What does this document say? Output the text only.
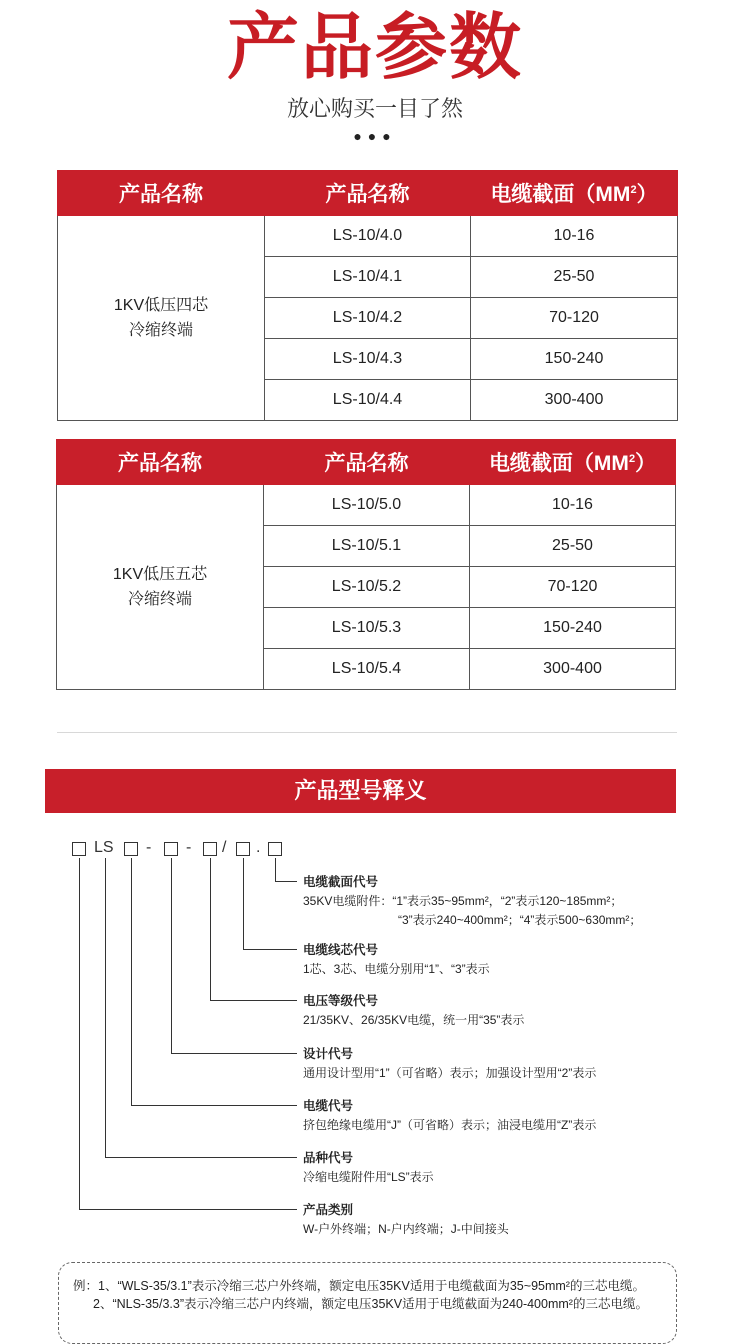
产品参数
放心购买一目了然
●●●
产品名称	产品名称	电缆截面$(MM^2)$
1KV低压四芯
冷缩终端	LS-10/4.0	10-16
	LS-10/4.1	25-50
	LS-10/4.2	70-120
	LS-10/4.3	150-240
	LS-10/4.4	300-400
产品名称	产品名称	电缆截面$(MM^2)$
1KV低压五芯
冷缩终端	LS-10/5.0	10-16
	LS-10/5.1	25-50
	LS-10/5.2	70-120
	LS-10/5.3	150-240
	LS-10/5.4	300-400
产品型号释义
LS - - / .
电缆截面代号
35KV电缆附件：“1”表示35~95mm²，“2”表示120~185mm²；
“3”表示240~400mm²；“4”表示500~630mm²；
电缆线芯代号
1芯、3芯、电缆分别用“1”、“3”表示
电压等级代号
21/35KV、26/35KV电缆，统一用“35”表示
设计代号
通用设计型用“1”（可省略）表示；加强设计型用“2”表示
电缆代号
挤包绝缘电缆用“J”（可省略）表示；油浸电缆用“Z”表示
品种代号
冷缩电缆附件用“LS”表示
产品类别
W-户外终端；N-户内终端；J-中间接头
例：1、“WLS-35/3.1”表示冷缩三芯户外终端，额定电压35KV适用于电缆截面为35~95mm²的三芯电缆。
2、“NLS-35/3.3”表示冷缩三芯户内终端，额定电压35KV适用于电缆截面为240-400mm²的三芯电缆。
